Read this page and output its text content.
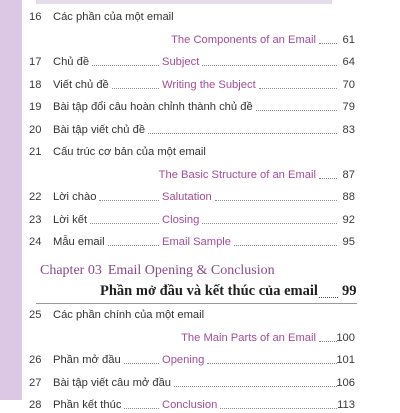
16	Các phần của một email
The Components of an Email 61
17	Chủ đề	Subject	64
18	Viết chủ đề	Writing the Subject	70
19	Bài tập đổi câu hoàn chỉnh thành chủ đề	79
20	Bài tập viết chủ đề	83
21	Cấu trúc cơ bản của một email
The Basic Structure of an Email 87
22	Lời chào	Salutation	88
23	Lời kết	Closing	92
24	Mẫu email	Email Sample	95
Chapter 03 Email Opening & Conclusion
Phần mở đầu và kết thúc của email 99
25	Các phần chính của một email
The Main Parts of an Email 100
26	Phần mở đầu	Opening	101
27	Bài tập viết câu mở đầu	106
28	Phần kết thúc	Conclusion	113
